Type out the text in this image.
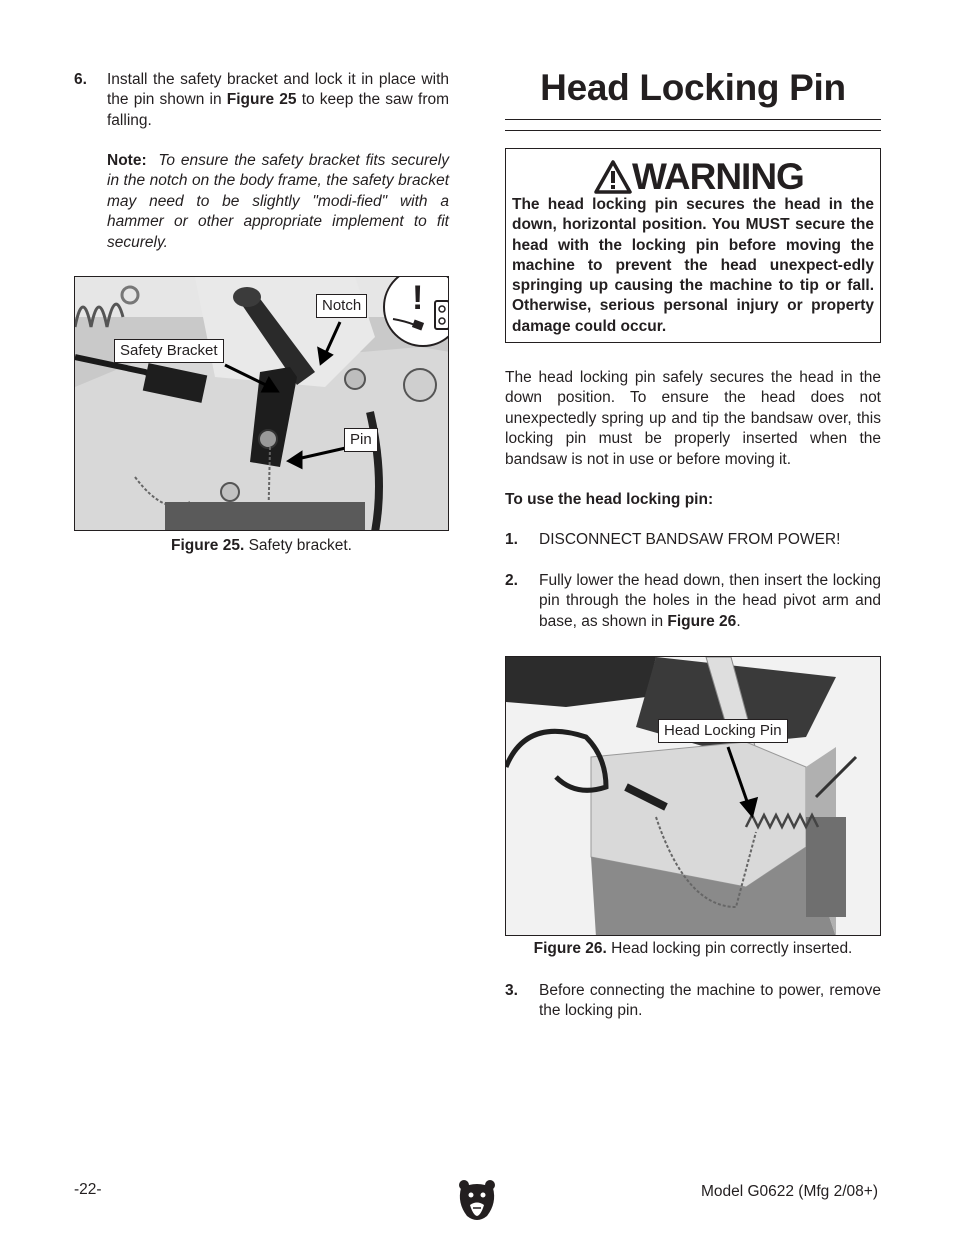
6.	Install the safety bracket and lock it in place with the pin shown in Figure 25 to keep the saw from falling.
Note: To ensure the safety bracket fits securely in the notch on the body frame, the safety bracket may need to be slightly "modi-fied" with a hammer or other appropriate implement to fit securely.
Safety Bracket
Notch
Pin
!
Figure 25. Safety bracket.
Head Locking Pin
WARNING
The head locking pin secures the head in the down, horizontal position. You MUST secure the head with the locking pin before moving the machine to prevent the head unexpect-edly springing up causing the machine to tip or fall. Otherwise, serious personal injury or property damage could occur.
The head locking pin safely secures the head in the down position. To ensure the head does not unexpectedly spring up and tip the bandsaw over, this locking pin must be properly inserted when the bandsaw is not in use or before moving it.
To use the head locking pin:
1.	DISCONNECT BANDSAW FROM POWER!
2.	Fully lower the head down, then insert the locking pin through the holes in the head pivot arm and base, as shown in Figure 26.
Head Locking Pin
Figure 26. Head locking pin correctly inserted.
3.	Before connecting the machine to power, remove the locking pin.
-22-	Model G0622 (Mfg 2/08+)
